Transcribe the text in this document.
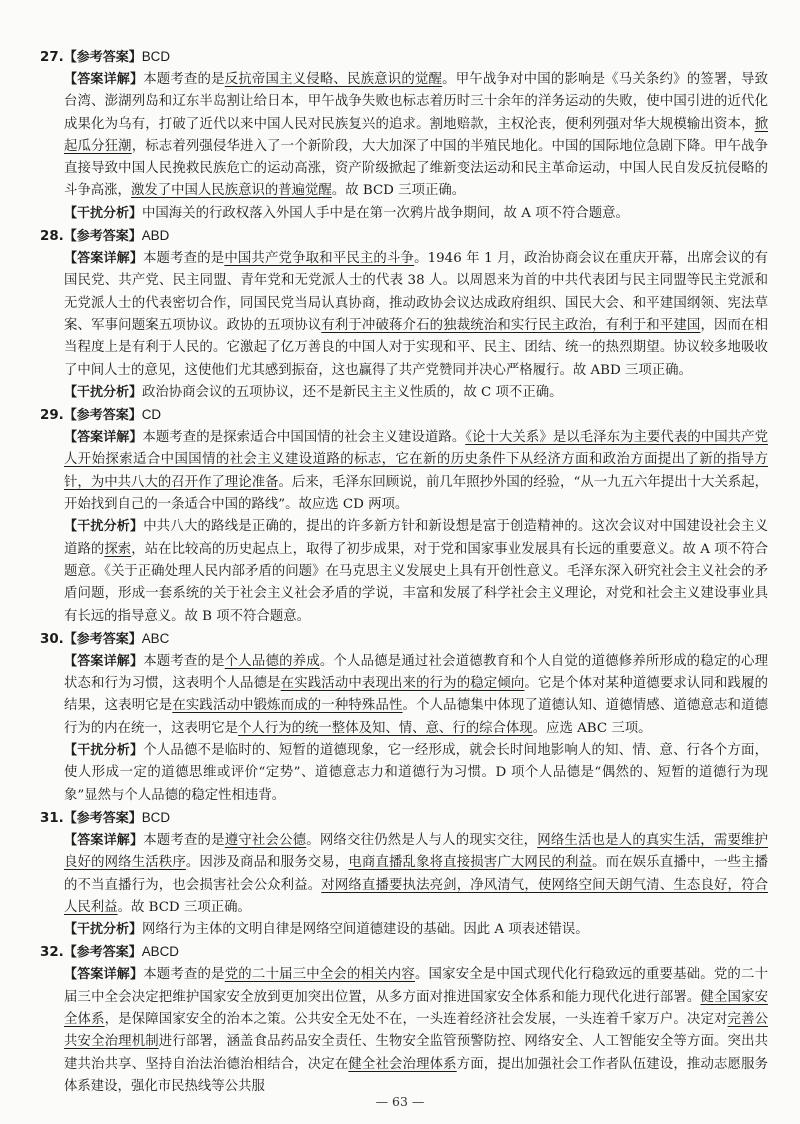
27.【参考答案】BCD

【答案详解】本题考查的是反抗帝国主义侵略、民族意识的觉醒。甲午战争对中国的影响是《马关条约》的签署，导致台湾、澎湖列岛和辽东半岛割让给日本，甲午战争失败也标志着历时三十余年的洋务运动的失败，使中国引进的近代化成果化为乌有，打破了近代以来中国人民对民族复兴的追求。割地赔款，主权沦丧，便利列强对华大规模输出资本，掀起瓜分狂潮，标志着列强侵华进入了一个新阶段，大大加深了中国的半殖民地化。中国的国际地位急剧下降。甲午战争直接导致中国人民挽救民族危亡的运动高涨，资产阶级掀起了维新变法运动和民主革命运动，中国人民自发反抗侵略的斗争高涨，激发了中国人民族意识的普遍觉醒。故 BCD 三项正确。

【干扰分析】中国海关的行政权落入外国人手中是在第一次鸦片战争期间，故 A 项不符合题意。

28.【参考答案】ABD

【答案详解】本题考查的是中国共产党争取和平民主的斗争。1946 年 1 月，政治协商会议在重庆开幕，出席会议的有国民党、共产党、民主同盟、青年党和无党派人士的代表 38 人。以周恩来为首的中共代表团与民主同盟等民主党派和无党派人士的代表密切合作，同国民党当局认真协商，推动政协会议达成政府组织、国民大会、和平建国纲领、宪法草案、军事问题案五项协议。政协的五项协议有利于冲破蒋介石的独裁统治和实行民主政治，有利于和平建国，因而在相当程度上是有利于人民的。它激起了亿万善良的中国人对于实现和平、民主、团结、统一的热烈期望。协议较多地吸收了中间人士的意见，这使他们尤其感到振奋，这也赢得了共产党赞同并决心严格履行。故 ABD 三项正确。

【干扰分析】政治协商会议的五项协议，还不是新民主主义性质的，故 C 项不正确。

29.【参考答案】CD

【答案详解】本题考查的是探索适合中国国情的社会主义建设道路。《论十大关系》是以毛泽东为主要代表的中国共产党人开始探索适合中国国情的社会主义建设道路的标志，它在新的历史条件下从经济方面和政治方面提出了新的指导方针，为中共八大的召开作了理论准备。后来，毛泽东回顾说，前几年照抄外国的经验，“从一九五六年提出十大关系起，开始找到自己的一条适合中国的路线”。故应选 CD 两项。

【干扰分析】中共八大的路线是正确的，提出的许多新方针和新设想是富于创造精神的。这次会议对中国建设社会主义道路的探索，站在比较高的历史起点上，取得了初步成果，对于党和国家事业发展具有长远的重要意义。故 A 项不符合题意。《关于正确处理人民内部矛盾的问题》在马克思主义发展史上具有开创性意义。毛泽东深入研究社会主义社会的矛盾问题，形成一套系统的关于社会主义社会矛盾的学说，丰富和发展了科学社会主义理论，对党和社会主义建设事业具有长远的指导意义。故 B 项不符合题意。

30.【参考答案】ABC

【答案详解】本题考查的是个人品德的养成。个人品德是通过社会道德教育和个人自觉的道德修养所形成的稳定的心理状态和行为习惯，这表明个人品德是在实践活动中表现出来的行为的稳定倾向。它是个体对某种道德要求认同和践履的结果，这表明它是在实践活动中锻炼而成的一种特殊品性。个人品德集中体现了道德认知、道德情感、道德意志和道德行为的内在统一，这表明它是个人行为的统一整体及知、情、意、行的综合体现。应选 ABC 三项。

【干扰分析】个人品德不是临时的、短暂的道德现象，它一经形成，就会长时间地影响人的知、情、意、行各个方面，使人形成一定的道德思维或评价“定势”、道德意志力和道德行为习惯。D 项个人品德是“偶然的、短暂的道德行为现象”显然与个人品德的稳定性相违背。

31.【参考答案】BCD

【答案详解】本题考查的是遵守社会公德。网络交往仍然是人与人的现实交往，网络生活也是人的真实生活，需要维护良好的网络生活秩序。因涉及商品和服务交易，电商直播乱象将直接损害广大网民的利益。而在娱乐直播中，一些主播的不当直播行为，也会损害社会公众利益。对网络直播要执法亮剑，净风清气，使网络空间天朗气清、生态良好，符合人民利益。故 BCD 三项正确。

【干扰分析】网络行为主体的文明自律是网络空间道德建设的基础。因此 A 项表述错误。

32.【参考答案】ABCD

【答案详解】本题考查的是党的二十届三中全会的相关内容。国家安全是中国式现代化行稳致远的重要基础。党的二十届三中全会决定把维护国家安全放到更加突出位置，从多方面对推进国家安全体系和能力现代化进行部署。健全国家安全体系，是保障国家安全的治本之策。公共安全无处不在，一头连着经济社会发展，一头连着千家万户。决定对完善公共安全治理机制进行部署，涵盖食品药品安全责任、生物安全监管预警防控、网络安全、人工智能安全等方面。突出共建共治共享、坚持自治法治德治相结合，决定在健全社会治理体系方面，提出加强社会工作者队伍建设，推动志愿服务体系建设，强化市民热线等公共服

— 63 —
